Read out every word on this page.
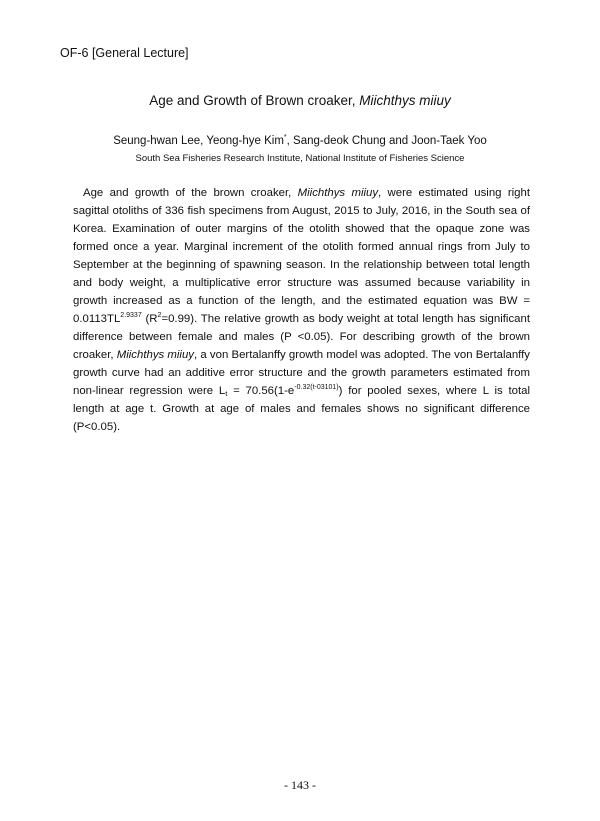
OF-6 [General Lecture]
Age and Growth of Brown croaker, Miichthys miiuy
Seung-hwan Lee, Yeong-hye Kim*, Sang-deok Chung and Joon-Taek Yoo
South Sea Fisheries Research Institute, National Institute of Fisheries Science

Age and growth of the brown croaker, Miichthys miiuy, were estimated using right sagittal otoliths of 336 fish specimens from August, 2015 to July, 2016, in the South sea of Korea. Examination of outer margins of the otolith showed that the opaque zone was formed once a year. Marginal increment of the otolith formed annual rings from July to September at the beginning of spawning season. In the relationship between total length and body weight, a multiplicative error structure was assumed because variability in growth increased as a function of the length, and the estimated equation was BW = $0.0113TL^{2.9337}$ $(R^2=0.99)$. The relative growth as body weight at total length has significant difference between female and males (P <0.05). For describing growth of the brown croaker, Miichthys miiuy, a von Bertalanffy growth model was adopted. The von Bertalanffy growth curve had an additive error structure and the growth parameters estimated from non-linear regression were $L_t = 70.56(1-e^{-0.32(t-03101)})$ for pooled sexes, where L is total length at age t. Growth at age of males and females shows no significant difference (P<0.05).

- 143 -
